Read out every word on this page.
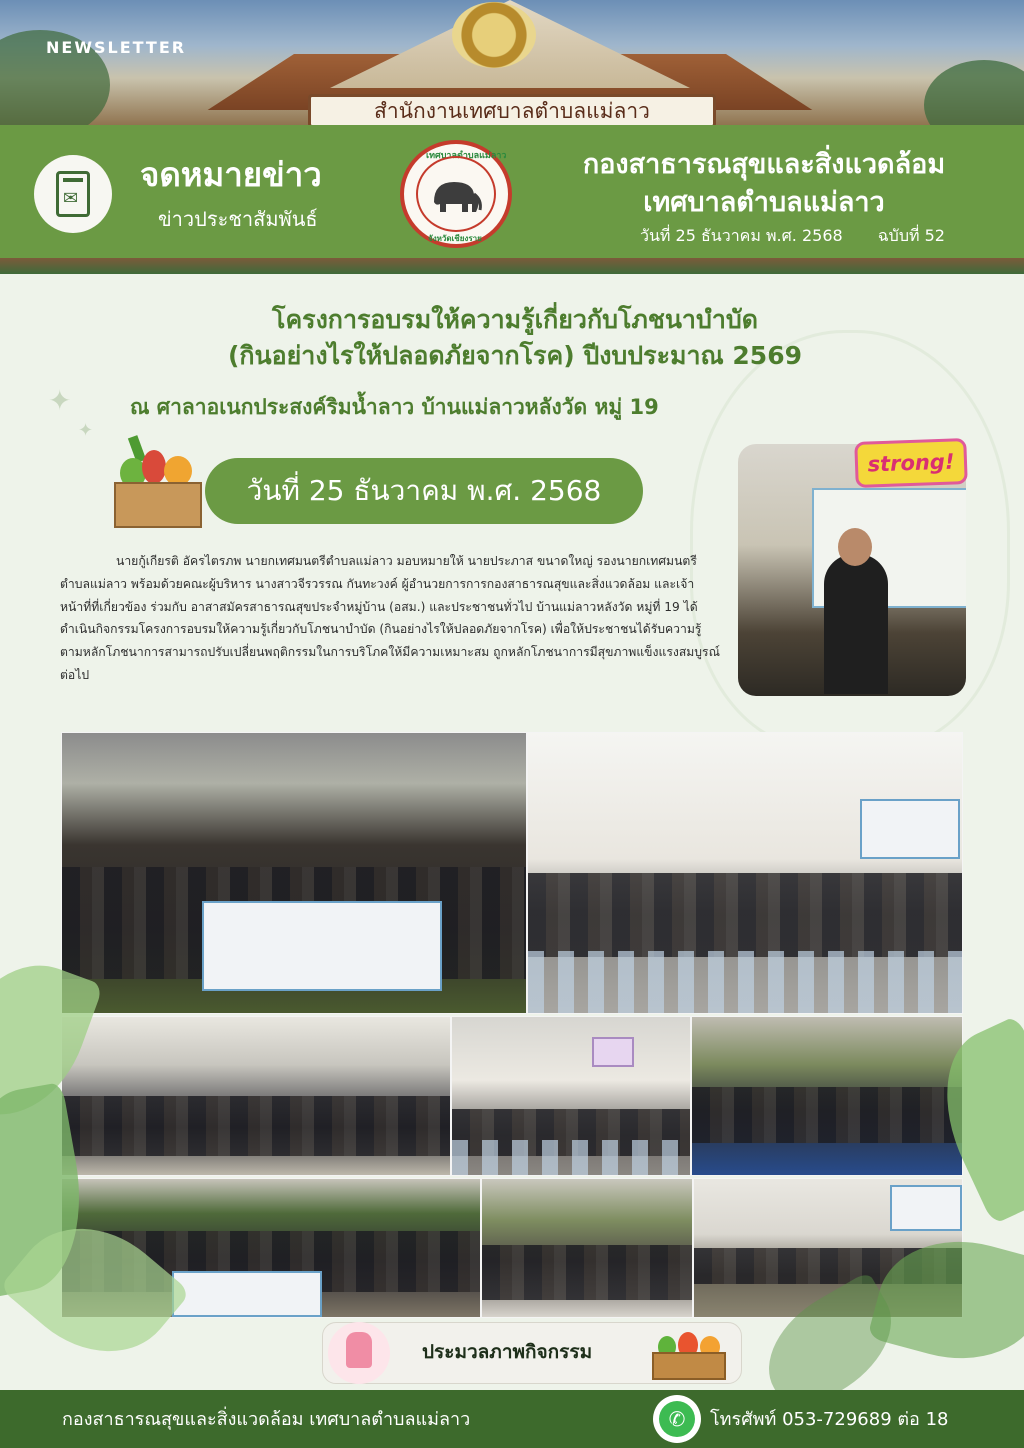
สำนักงานเทศบาลตำบลแม่ลาว
NEWSLETTER
✉
จดหมายข่าว
ข่าวประชาสัมพันธ์
เทศบาลตำบลแม่ลาว
จังหวัดเชียงราย
กองสาธารณสุขและสิ่งแวดล้อม
เทศบาลตำบลแม่ลาว
วันที่ 25 ธันวาคม พ.ศ. 2568 ฉบับที่ 52
✦
✦
โครงการอบรมให้ความรู้เกี่ยวกับโภชนาบำบัด
(กินอย่างไรให้ปลอดภัยจากโรค) ปีงบประมาณ 2569
ณ ศาลาอเนกประสงค์ริมน้ำลาว บ้านแม่ลาวหลังวัด หมู่ 19
วันที่ 25 ธันวาคม พ.ศ. 2568
นายกู้เกียรติ อัครไตรภพ นายกเทศมนตรีตำบลแม่ลาว มอบหมายให้ นายประภาส ขนาดใหญ่ รองนายกเทศมนตรีตำบลแม่ลาว พร้อมด้วยคณะผู้บริหาร นางสาวจีรวรรณ กันทะวงค์ ผู้อำนวยการการกองสาธารณสุขและสิ่งแวดล้อม และเจ้าหน้าที่ที่เกี่ยวข้อง ร่วมกับ อาสาสมัครสาธารณสุขประจำหมู่บ้าน (อสม.) และประชาชนทั่วไป บ้านแม่ลาวหลังวัด หมู่ที่ 19 ได้ดำเนินกิจกรรมโครงการอบรมให้ความรู้เกี่ยวกับโภชนาบำบัด (กินอย่างไรให้ปลอดภัยจากโรค) เพื่อให้ประชาชนได้รับความรู้ ตามหลักโภชนาการสามารถปรับเปลี่ยนพฤติกรรมในการบริโภคให้มีความเหมาะสม ถูกหลักโภชนาการมีสุขภาพแข็งแรงสมบูรณ์ต่อไป
strong!
ประมวลภาพกิจกรรม
กองสาธารณสุขและสิ่งแวดล้อม เทศบาลตำบลแม่ลาว	✆	โทรศัพท์ 053-729689 ต่อ 18
